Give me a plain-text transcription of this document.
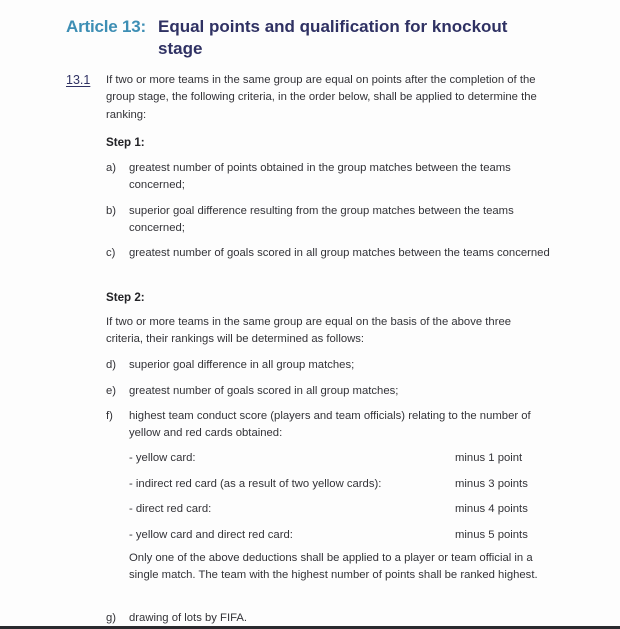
Article 13: Equal points and qualification for knockout stage
13.1 If two or more teams in the same group are equal on points after the completion of the group stage, the following criteria, in the order below, shall be applied to determine the ranking:
Step 1:
a)	greatest number of points obtained in the group matches between the teams concerned;
b)	superior goal difference resulting from the group matches between the teams concerned;
c)	greatest number of goals scored in all group matches between the teams concerned
Step 2:
If two or more teams in the same group are equal on the basis of the above three criteria, their rankings will be determined as follows:
d)	superior goal difference in all group matches;
e)	greatest number of goals scored in all group matches;
f)	highest team conduct score (players and team officials) relating to the number of yellow and red cards obtained:
- yellow card:	minus 1 point
- indirect red card (as a result of two yellow cards):	minus 3 points
- direct red card:	minus 4 points
- yellow card and direct red card:	minus 5 points
Only one of the above deductions shall be applied to a player or team official in a single match. The team with the highest number of points shall be ranked highest.
g)	drawing of lots by FIFA.
